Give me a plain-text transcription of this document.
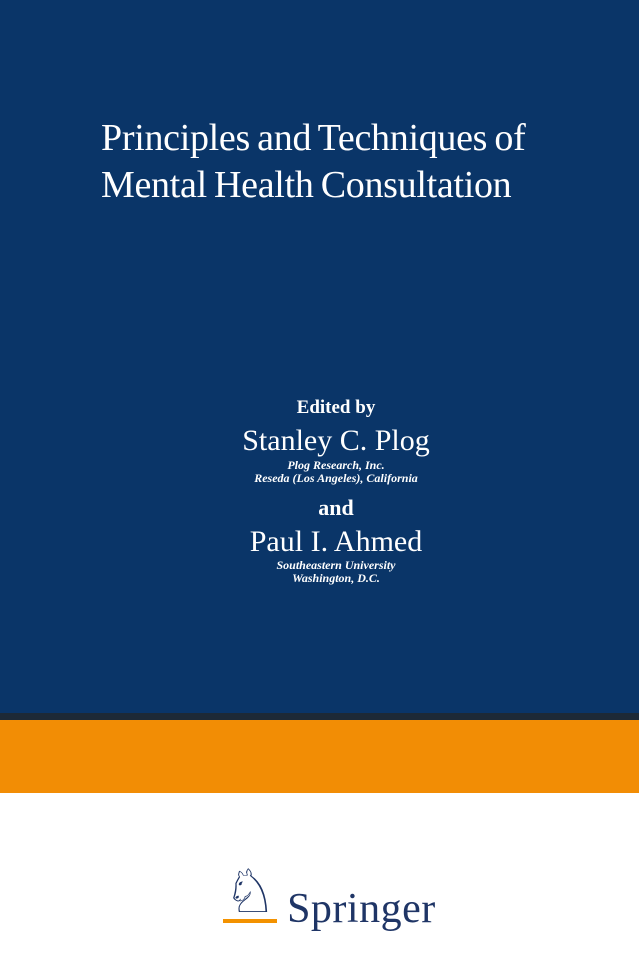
Principles and Techniques of
Mental Health Consultation
Edited by
Stanley C. Plog
Plog Research, Inc.
Reseda (Los Angeles), California
and
Paul I. Ahmed
Southeastern University
Washington, D.C.
♘ Springer
